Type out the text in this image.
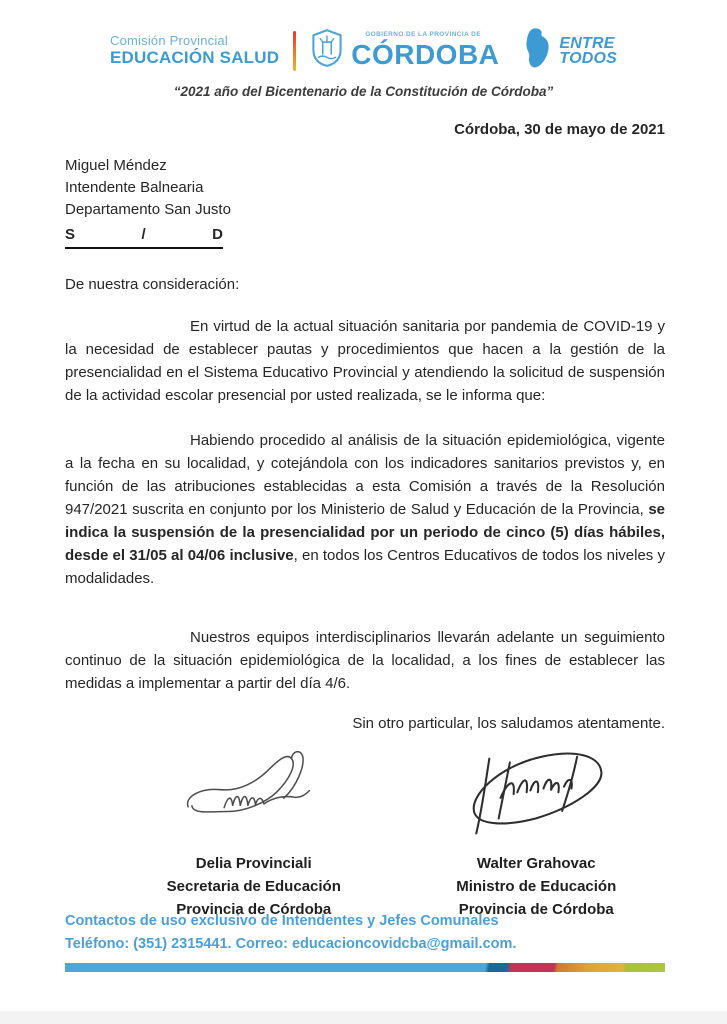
Comisión Provincial
EDUCACIÓN SALUD
GOBIERNO DE LA PROVINCIA DE
CÓRDOBA	ENTRE
TODOS
“2021 año del Bicentenario de la Constitución de Córdoba”
Córdoba, 30 de mayo de 2021
Miguel Méndez
Intendente Balnearia
Departamento San Justo
S	/	D
De nuestra consideración:

En virtud de la actual situación sanitaria por pandemia de COVID-19 y la necesidad de establecer pautas y procedimientos que hacen a la gestión de la presencialidad en el Sistema Educativo Provincial y atendiendo la solicitud de suspensión de la actividad escolar presencial por usted realizada, se le informa que:

Habiendo procedido al análisis de la situación epidemiológica, vigente a la fecha en su localidad, y cotejándola con los indicadores sanitarios previstos y, en función de las atribuciones establecidas a esta Comisión a través de la Resolución 947/2021 suscrita en conjunto por los Ministerio de Salud y Educación de la Provincia, se indica la suspensión de la presencialidad por un periodo de cinco (5) días hábiles, desde el 31/05 al 04/06 inclusive, en todos los Centros Educativos de todos los niveles y modalidades.

Nuestros equipos interdisciplinarios llevarán adelante un seguimiento continuo de la situación epidemiológica de la localidad, a los fines de establecer las medidas a implementar a partir del día 4/6.

Sin otro particular, los saludamos atentamente.
Delia Provinciali
Secretaria de Educación
Provincia de Córdoba
Walter Grahovac
Ministro de Educación
Provincia de Córdoba
Contactos de uso exclusivo de Intendentes y Jefes Comunales
Teléfono: (351) 2315441. Correo: educacioncovidcba@gmail.com.
